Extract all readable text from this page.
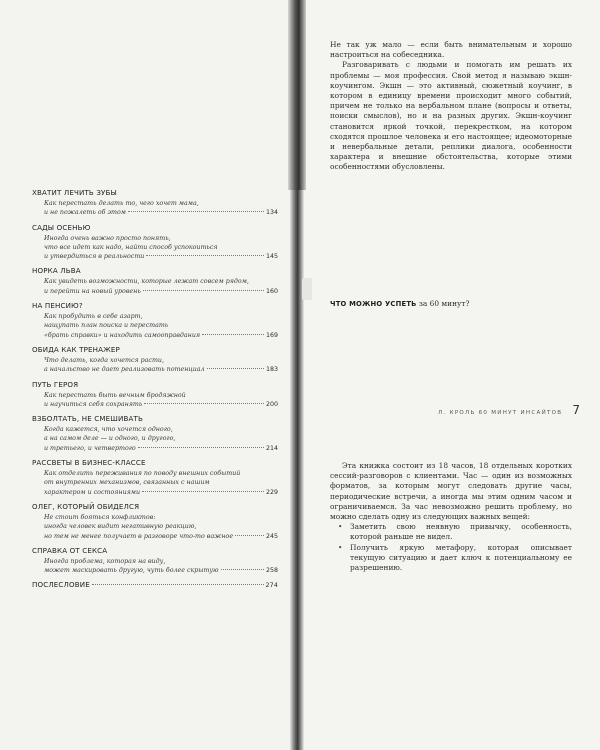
ХВАТИТ ЛЕЧИТЬ ЗУБЫ
Как перестать делать то, чего хочет мама,
и не пожалеть об этом	134
САДЫ ОСЕНЬЮ
Иногда очень важно просто понять,
что все идет как надо, найти способ успокоиться
и утвердиться в реальности	145
НОРКА ЛЬВА
Как увидеть возможности, которые лежат совсем рядом,
и перейти на новый уровень	160
НА ПЕНСИЮ?
Как пробудить в себе азарт,
нащупать план поиска и перестать
«брать справки» и находить самооправдания	169
ОБИДА КАК ТРЕНАЖЕР
Что делать, когда хочется расти,
а начальство не дает реализовать потенциал	183
ПУТЬ ГЕРОЯ
Как перестать быть вечным бродяжной
и научиться себя сохранять	200
ВЗБОЛТАТЬ, НЕ СМЕШИВАТЬ
Когда кажется, что хочется одного,
а на самом деле — и одного, и другого,
и третьего, и четвертого	214
РАССВЕТЫ В БИЗНЕС-КЛАССЕ
Как отделить переживания по поводу внешних событий
от внутренних механизмов, связанных с нашим
характером и состояниями	229
ОЛЕГ, КОТОРЫЙ ОБИДЕЛСЯ
Не стоит бояться конфликтов:
иногда человек видит негативную реакцию,
но тем не менее получает в разговоре что-то важное	245
СПРАВКА ОТ СЕКСА
Иногда проблема, которая на виду,
может маскировать другую, чуть более скрытую	258
ПОСЛЕСЛОВИЕ	274

Не так уж мало — если быть внимательным и хорошо настроиться на собеседника.

Разговаривать с людьми и помогать им решать их проблемы — моя профессия. Свой метод я называю экшн-коучингом. Экшн — это активный, сюжетный коучинг, в котором в единицу времени происходит много событий, причем не только на вербальном плане (вопросы и ответы, поиски смыслов), но и на разных других. Экшн-коучинг становится яркой точкой, перекрестком, на котором сходятся прошлое человека и его настоящее; идеомоторные и невербальные детали, реплики диалога, особенности характера и внешние обстоятельства, которые этими особенностями обусловлены.

ЧТО МОЖНО УСПЕТЬ за 60 минут?

Эта книжка состоит из 18 часов, 18 отдельных коротких сессий-разговоров с клиентами. Час — один из возможных форматов, за которым могут следовать другие часы, периодические встречи, а иногда мы этим одним часом и ограничиваемся. За час невозможно решить проблему, но можно сделать одну из следующих важных вещей:

• Заметить свою неявную привычку, особенность, которой раньше не видел.
• Получить яркую метафору, которая описывает текущую ситуацию и дает ключ к потенциальному ее разрешению.
Л. КРОЛЬ 60 МИНУТ ИНСАЙТОВ 7
